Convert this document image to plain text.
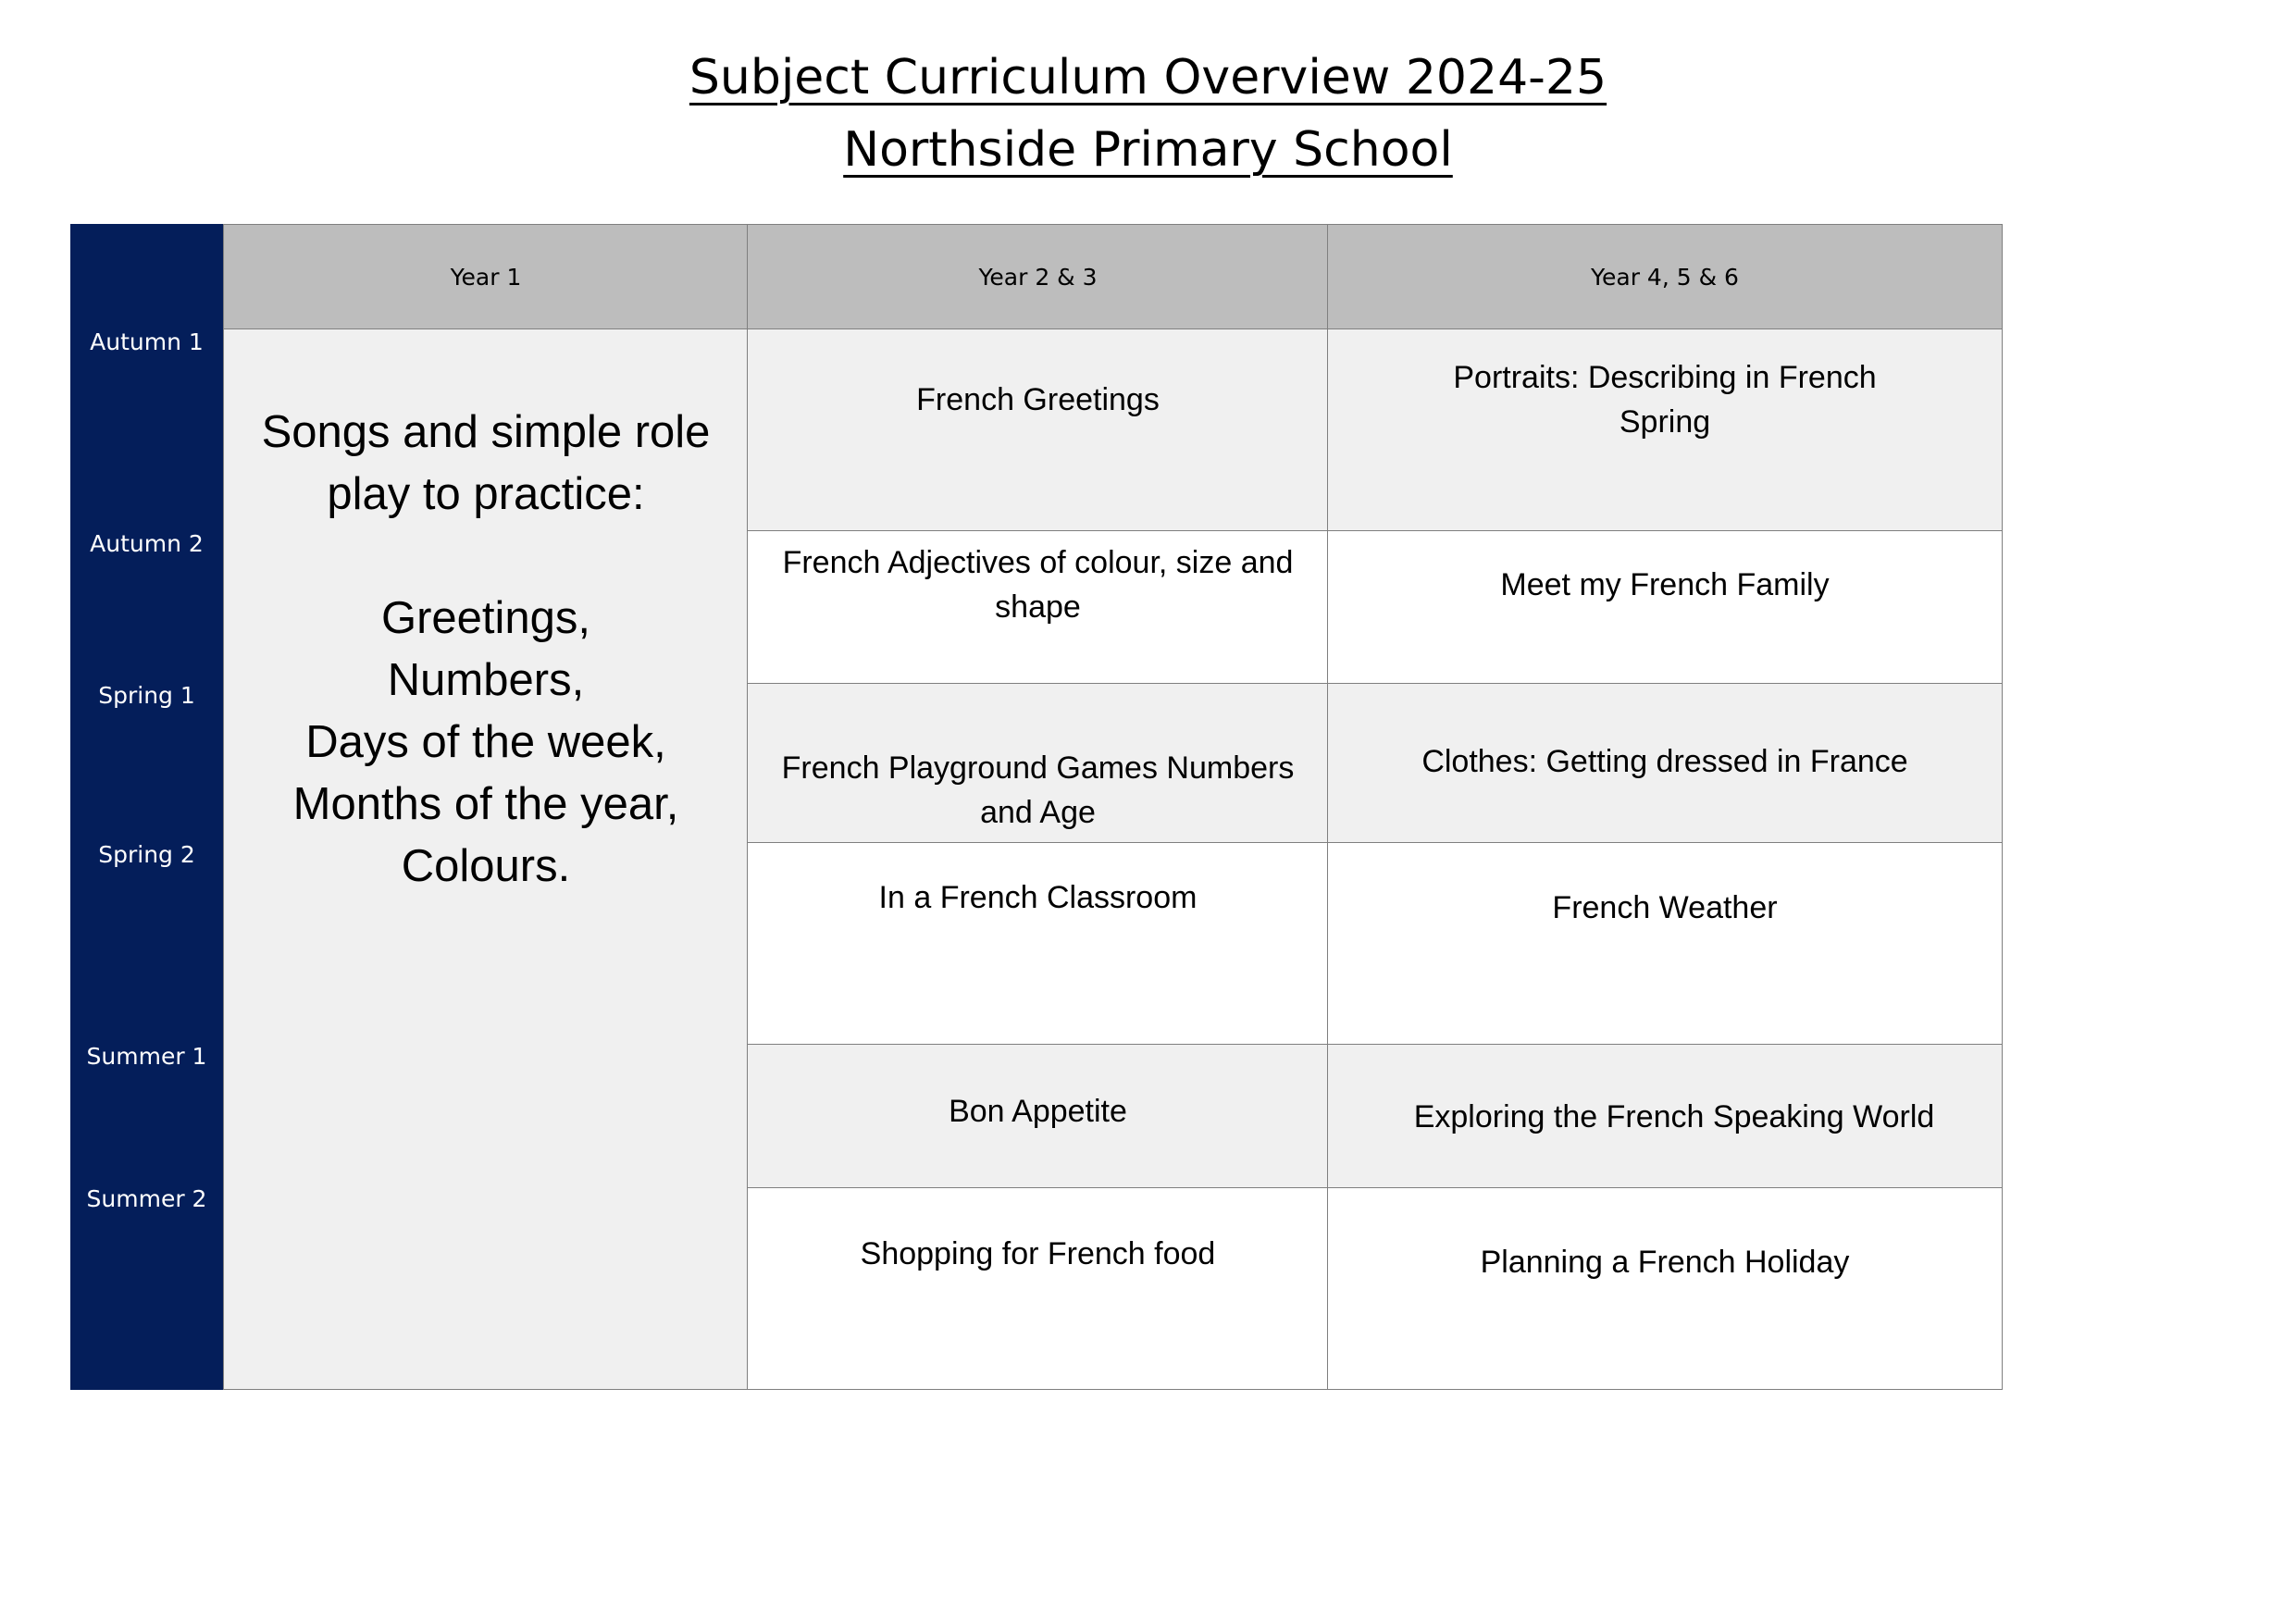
Subject Curriculum Overview 2024-25
Northside Primary School
Autumn 1
Autumn 2
Spring 1
Spring 2
Summer 1
Summer 2
Year 1	Year 2 & 3	Year 4, 5 & 6

Songs and simple role play to practice:

Greetings,

Numbers,

Days of the week,

Months of the year,

Colours.

French Greetings
French Adjectives of colour, size and shape
French Playground Games Numbers and Age
In a French Classroom
Bon Appetite
Shopping for French food
Portraits: Describing in French
Spring
Meet my French Family
Clothes: Getting dressed in France
French Weather
Exploring the French Speaking World
Planning a French Holiday
